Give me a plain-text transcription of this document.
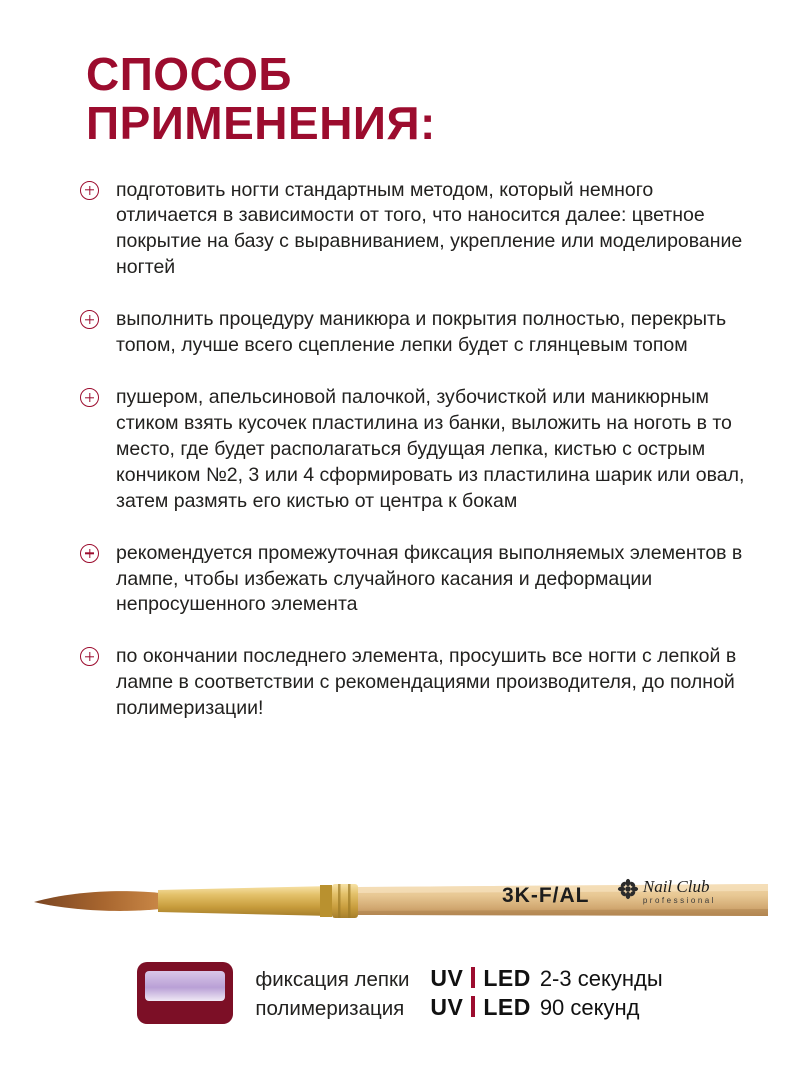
СПОСОБ
ПРИМЕНЕНИЯ:
подготовить ногти стандартным методом, который немного отличается в зависимости от того, что наносится далее: цветное покрытие на базу с выравниванием, укрепление или моделирование ногтей
выполнить процедуру маникюра и покрытия полностью, перекрыть топом, лучше всего сцепление лепки будет с глянцевым топом
пушером, апельсиновой палочкой, зубочисткой или маникюрным стиком взять кусочек пластилина из банки, выложить на ноготь в то место, где будет располагаться будущая лепка, кистью с острым кончиком №2, 3 или 4 сформировать из пластилина шарик или овал, затем размять его кистью от центра к бокам
рекомендуется промежуточная фиксация выполняемых элементов в лампе, чтобы избежать случайного касания и деформации непросушенного элемента
по окончании последнего элемента, просушить все ногти с лепкой в лампе в соответствии с рекомендациями производителя, до полной полимеризации!
3K-F/AL	Nail Club
professional
фиксация лепки UV LED 2-3 секунды
полимеризация	UV LED 90 секунд
